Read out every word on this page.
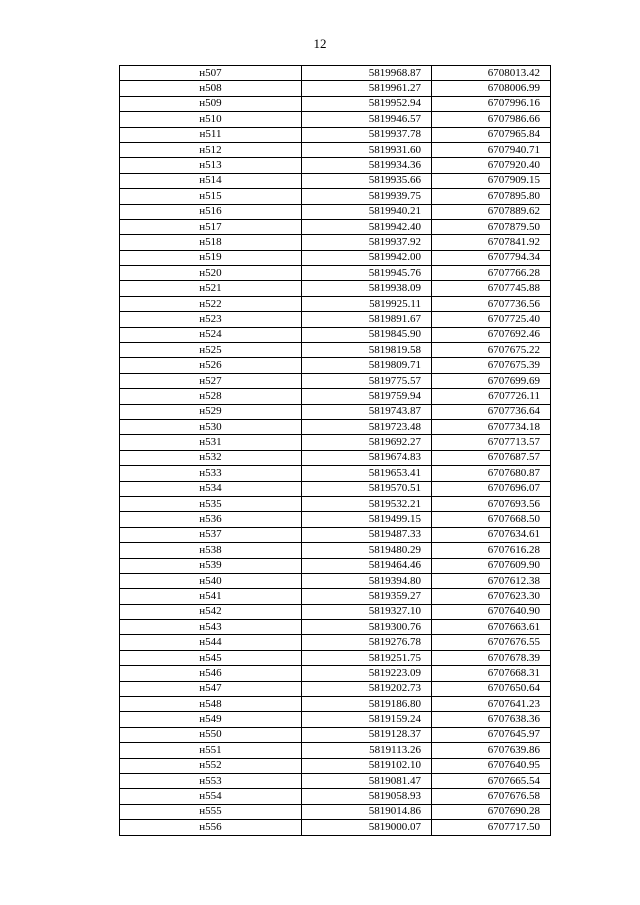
12
н507	5819968.87	6708013.42
н508	5819961.27	6708006.99
н509	5819952.94	6707996.16
н510	5819946.57	6707986.66
н511	5819937.78	6707965.84
н512	5819931.60	6707940.71
н513	5819934.36	6707920.40
н514	5819935.66	6707909.15
н515	5819939.75	6707895.80
н516	5819940.21	6707889.62
н517	5819942.40	6707879.50
н518	5819937.92	6707841.92
н519	5819942.00	6707794.34
н520	5819945.76	6707766.28
н521	5819938.09	6707745.88
н522	5819925.11	6707736.56
н523	5819891.67	6707725.40
н524	5819845.90	6707692.46
н525	5819819.58	6707675.22
н526	5819809.71	6707675.39
н527	5819775.57	6707699.69
н528	5819759.94	6707726.11
н529	5819743.87	6707736.64
н530	5819723.48	6707734.18
н531	5819692.27	6707713.57
н532	5819674.83	6707687.57
н533	5819653.41	6707680.87
н534	5819570.51	6707696.07
н535	5819532.21	6707693.56
н536	5819499.15	6707668.50
н537	5819487.33	6707634.61
н538	5819480.29	6707616.28
н539	5819464.46	6707609.90
н540	5819394.80	6707612.38
н541	5819359.27	6707623.30
н542	5819327.10	6707640.90
н543	5819300.76	6707663.61
н544	5819276.78	6707676.55
н545	5819251.75	6707678.39
н546	5819223.09	6707668.31
н547	5819202.73	6707650.64
н548	5819186.80	6707641.23
н549	5819159.24	6707638.36
н550	5819128.37	6707645.97
н551	5819113.26	6707639.86
н552	5819102.10	6707640.95
н553	5819081.47	6707665.54
н554	5819058.93	6707676.58
н555	5819014.86	6707690.28
н556	5819000.07	6707717.50
